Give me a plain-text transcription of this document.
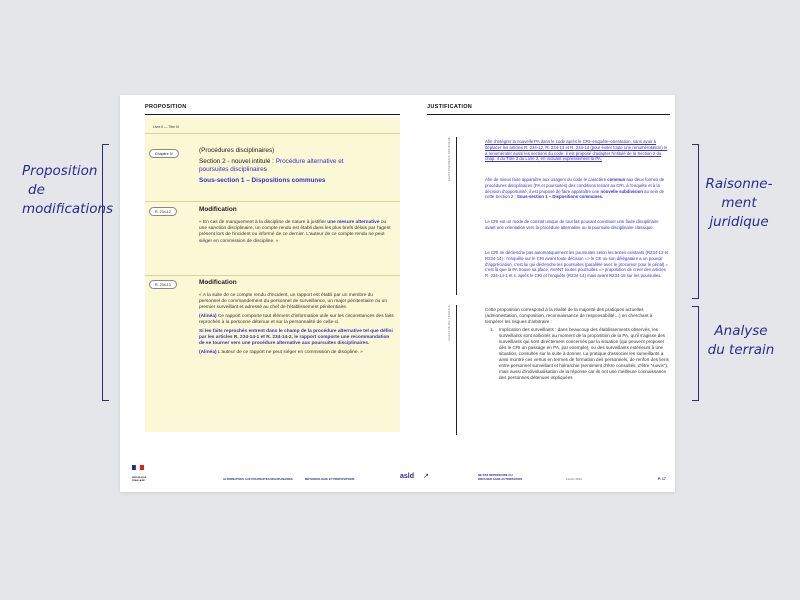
Proposition
de
modifications
Raisonne-
ment
juridique
Analyse
du terrain
PROPOSITION	JUSTIFICATION
Livre II — Titre III
Chapitre IV	(Procédures disciplinaires)
Section 2 - nouvel intitulé : Procédure alternative et
poursuites disciplinaires
Sous-section 1 – Dispositions communes
R. 234-12	Modification
« En cas de manquement à la discipline de nature à justifier une mesure alternative ou une sanction disciplinaire, un compte rendu est établi dans les plus brefs délais par l'agent présent lors de l'incident ou informé de ce dernier. L'auteur de ce compte rendu ne peut siéger en commission de discipline. »
R. 234-13	Modification
« A la suite de ce compte rendu d'incident, un rapport est établi par un membre du personnel de commandement du personnel de surveillance, un major pénitentiaire ou un premier surveillant et adressé au chef de l'établissement pénitentiaire.
(Alinéa) Ce rapport comporte tout élément d'information utile sur les circonstances des faits reprochés à la personne détenue et sur la personnalité de celle-ci.
Si les faits reprochés entrent dans le champ de la procédure alternative tel que défini par les articles R. 234-14-1 et R. 234-14-2, le rapport comporte une recommandation de se tourner vers une procédure alternative aux poursuites disciplinaires.
(Alinéa) L'auteur de ce rapport ne peut siéger en commission de discipline. »
RAISONNEMENT JURIDIQUE
ANALYSE DU TERRAIN
Afin d'intégrer la nouvelle PA dans le code après le CRI–enquête–orientation, sans avoir à déplacer les articles R. 234-12, R. 234-13 et R. 234-14 (pour éviter toute une renumérotation) ni à renuméroter aussi les sections du code, il est proposé d'adapter l'intitulé de la Section 2 du chap. 4 du Titre 3 du Livre 2, en incluant expressément la PA.
Afin de mieux faire apparaître aux usagers du code le caractère commun aux deux formes de procédures disciplinaires (PA et poursuites) des conditions tenant au CRI, à l'enquête et à la décision d'opportunité, il est proposé de faire apparaître une nouvelle subdivision au sein de cette Section 2 : Sous-section 1 – Dispositions communes.
Le CRI est un mode de constat unique de tout fait pouvant constituer une faute disciplinaire avant une orientation vers la procédure alternative ou la poursuite disciplinaire classique.
Le CRI ne déclenche pas automatiquement les poursuites selon les textes existants (R234-13 et R234-14) : l'enquête sur le CRI avant toute décision => le CE ou son délégataire a un pouvoir d'appréciation, c'est lui qui déclenche les poursuites (parallèle avec le procureur pour le pénal) = c'est là que la PA trouve sa place, AVANT toutes poursuites => proposition de créer des articles R. 234-14-1 et s. après le CRI et l'enquête (R234-14) mais avant R234-15 sur les poursuites.
Cette proposition correspond à la réalité de la majorité des pratiques actuelles (admonestation, composition, reconnaissance de responsabilité…) en cherchant à tempérer les risques d'arbitraire :
1. Implication des surveillants : dans beaucoup des établissements observés, les surveillants sont sollicités au moment de la proposition de la PA, qu'il s'agisse des surveillants qui sont directement concernés par la situation (qui peuvent proposer dès le CRI un passage en PA, par exemple), ou des surveillants extérieurs à une situation, consultés sur la suite à donner. La pratique d'associer les surveillants a ainsi montré ces vertus en termes de formation des personnels, de renfort des liens entre personnel surveillant et hiérarchie (sentiment d'être consultés, d'être "suivis"), mais aussi d'individualisation de la réponse car ils ont une meilleure connaissance des personnes détenues impliquées
RÉPUBLIQUE FRANÇAISE	ALTERNATIVES AUX POURSUITES DISCIPLINAIRES	MÉTHODOLOGIE ET PROPOSITIONS	asld ↗	NE PAS REPRODUIRE OU
DIFFUSER SANS AUTORISATION	Février 2024	P. 17
